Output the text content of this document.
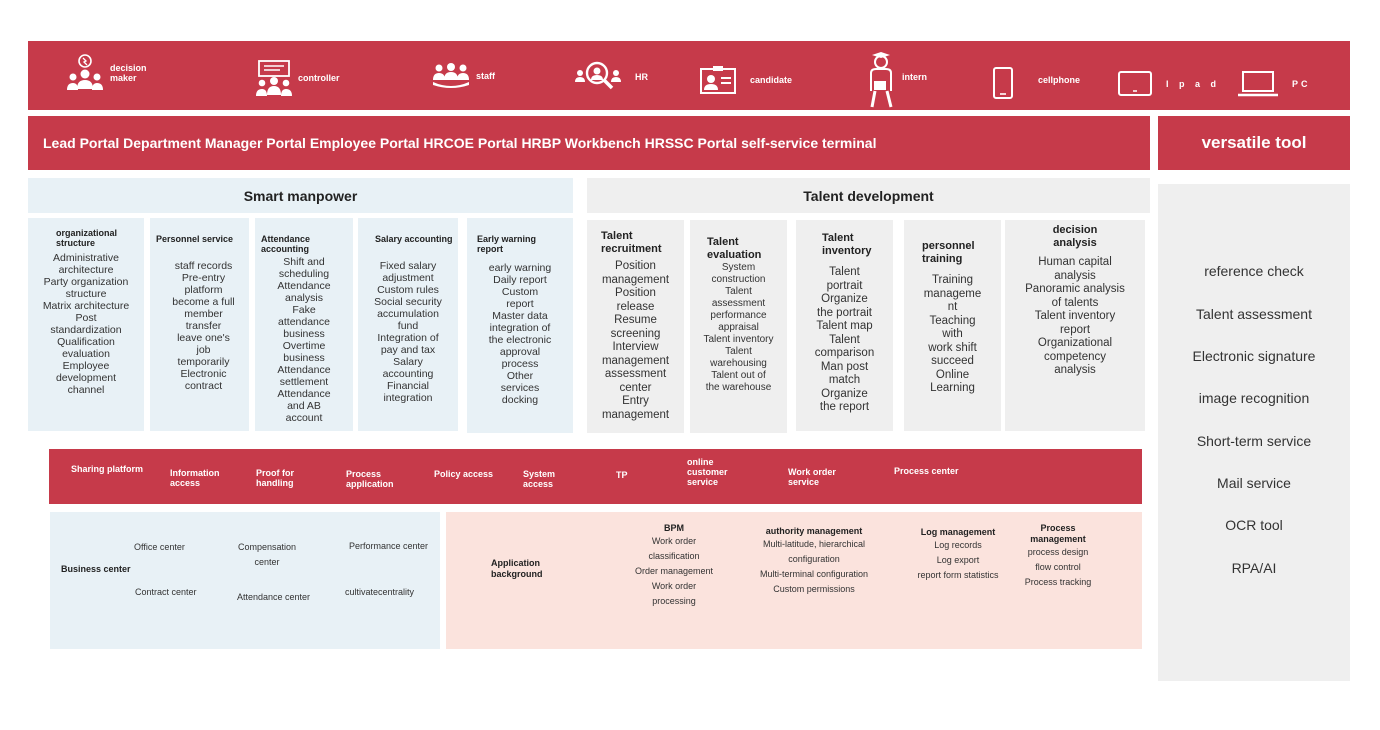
decision
maker	controller	staff	HR	candidate	intern	cellphone	I p a d	PC
Lead Portal Department Manager Portal Employee Portal HRCOE Portal HRBP Workbench HRSSC Portal self-service terminal	versatile tool
Smart manpower
organizational structure
Administrative
architecture
Party organization
structure
Matrix architecture
Post
standardization
Qualification
evaluation
Employee
development
channel
Personnel service
staff records
Pre-entry
platform
become a full
member
transfer
leave one's
job
temporarily
Electronic
contract
Attendance accounting
Shift and
scheduling
Attendance
analysis
Fake
attendance
business
Overtime
business
Attendance
settlement
Attendance
and AB
account
Salary accounting
Fixed salary
adjustment
Custom rules
Social security
accumulation
fund
Integration of
pay and tax
Salary
accounting
Financial
integration
Early warning report
early warning
Daily report
Custom
report
Master data
integration of
the electronic
approval
process
Other
services
docking
Talent development
Talent
recruitment
Position
management
Position
release
Resume
screening
Interview
management
assessment
center
Entry
management
Talent
evaluation
System
construction
Talent
assessment
performance
appraisal
Talent inventory
Talent
warehousing
Talent out of
the warehouse
Talent
inventory
Talent
portrait
Organize
the portrait
Talent map
Talent
comparison
Man post
match
Organize
the report
personnel
training
Training
manageme
nt
Teaching
with
work shift
succeed
Online
Learning
decision
analysis
Human capital
analysis
Panoramic analysis
of talents
Talent inventory
report
Organizational
competency
analysis
reference check
Talent assessment
Electronic signature
image recognition
Short-term service
Mail service
OCR tool
RPA/AI
Sharing platform	Information
access
Proof for
handling
Process
application
Policy access	System
access
TP
online
customer
service
Work order
service
Process center
Business center
Office center	Compensation
center
Performance center
Contract center	Attendance center	cultivatecentrality
Application
background
BPM
Work order
classification
Order management
Work order
processing
authority management
Multi-latitude, hierarchical
configuration
Multi-terminal configuration
Custom permissions
Log management
Log records
Log export
report form statistics
Process
management
process design
flow control
Process tracking
